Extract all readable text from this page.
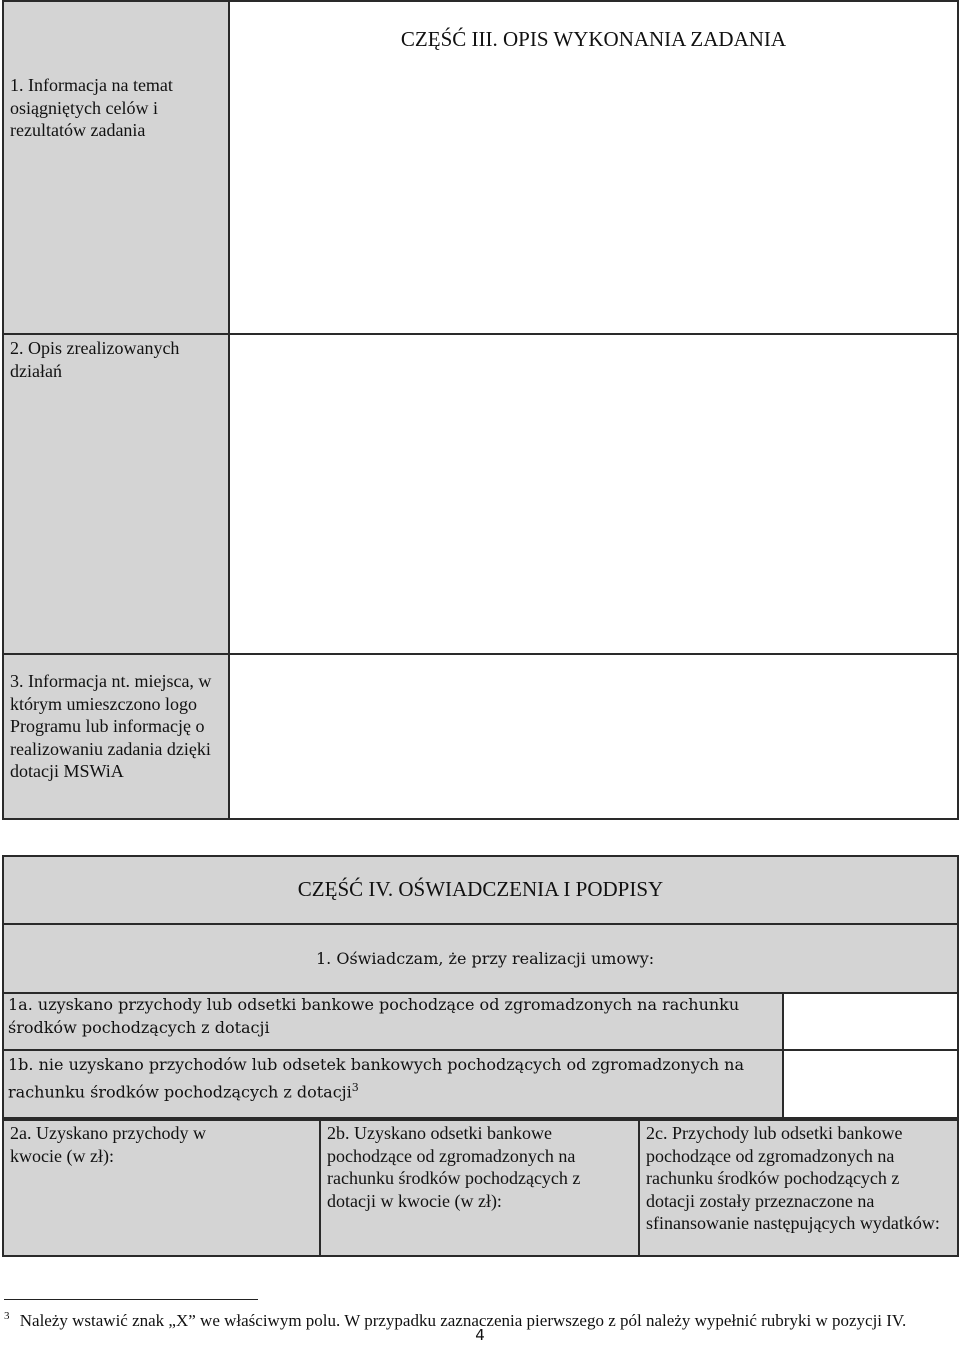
CZĘŚĆ III. OPIS WYKONANIA ZADANIA
1. Informacja na temat osiągniętych celów i rezultatów zadania
2. Opis zrealizowanych działań
3. Informacja nt. miejsca, w którym umieszczono logo Programu lub informację o realizowaniu zadania dzięki dotacji MSWiA
CZĘŚĆ IV. OŚWIADCZENIA I PODPISY
1. Oświadczam, że przy realizacji umowy:
1a. uzyskano przychody lub odsetki bankowe pochodzące od zgromadzonych na rachunku środków pochodzących z dotacji
1b. nie uzyskano przychodów lub odsetek bankowych pochodzących od zgromadzonych na rachunku środków pochodzących z dotacji$^3$
2a. Uzyskano przychody w kwocie (w zł):
2b. Uzyskano odsetki bankowe pochodzące od zgromadzonych na rachunku środków pochodzących z dotacji w kwocie (w zł):
2c. Przychody lub odsetki bankowe pochodzące od zgromadzonych na rachunku środków pochodzących z dotacji zostały przeznaczone na sfinansowanie następujących wydatków:
$^3$ Należy wstawić znak „X” we właściwym polu. W przypadku zaznaczenia pierwszego z pól należy wypełnić rubryki w pozycji IV.
4
